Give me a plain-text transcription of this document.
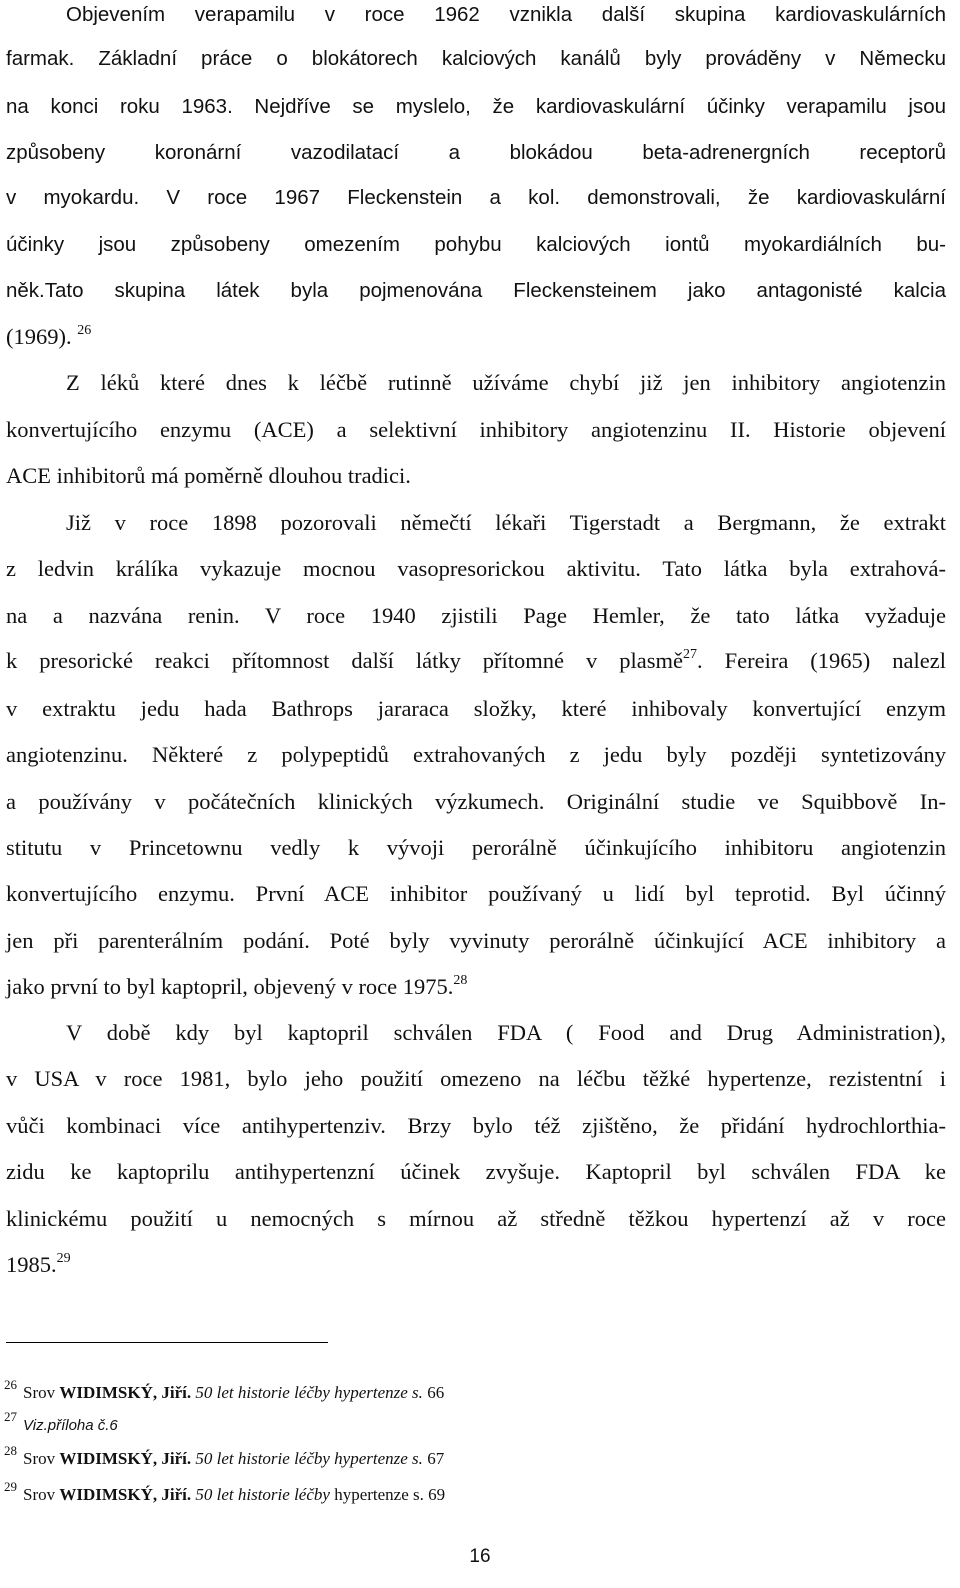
Objevením verapamilu v roce 1962 vznikla další skupina kardiovaskulárních
farmak. Základní práce o blokátorech kalciových kanálů byly prováděny v Německu
na konci roku 1963. Nejdříve se myslelo, že kardiovaskulární účinky verapamilu jsou
způsobeny koronární vazodilatací a blokádou beta-adrenergních receptorů
v myokardu. V roce 1967 Fleckenstein a kol. demonstrovali, že kardiovaskulární
účinky jsou způsobeny omezením pohybu kalciových iontů myokardiálních bu-
něk.Tato skupina látek byla pojmenována Fleckensteinem jako antagonisté kalcia
(1969). $^{26}$
Z léků které dnes k léčbě rutinně užíváme chybí již jen inhibitory angiotenzin
konvertujícího enzymu (ACE) a selektivní inhibitory angiotenzinu II. Historie objevení
ACE inhibitorů má poměrně dlouhou tradici.
Již v roce 1898 pozorovali němečtí lékaři Tigerstadt a Bergmann, že extrakt
z ledvin králíka vykazuje mocnou vasopresorickou aktivitu. Tato látka byla extrahová-
na a nazvána renin. V roce 1940 zjistili Page Hemler, že tato látka vyžaduje
k presorické reakci přítomnost další látky přítomné v plasmě$^{27}$. Fereira (1965) nalezl
v extraktu jedu hada Bathrops jararaca složky, které inhibovaly konvertující enzym
angiotenzinu. Některé z polypeptidů extrahovaných z jedu byly později syntetizovány
a používány v počátečních klinických výzkumech. Originální studie ve Squibbově In-
stitutu v Princetownu vedly k vývoji perorálně účinkujícího inhibitoru angiotenzin
konvertujícího enzymu. První ACE inhibitor používaný u lidí byl teprotid. Byl účinný
jen při parenterálním podání. Poté byly vyvinuty perorálně účinkující ACE inhibitory a
jako první to byl kaptopril, objevený v roce 1975.28
V době kdy byl kaptopril schválen FDA ( Food and Drug Administration),
v USA v roce 1981, bylo jeho použití omezeno na léčbu těžké hypertenze, rezistentní i
vůči kombinaci více antihypertenziv. Brzy bylo též zjištěno, že přidání hydrochlorthia-
zidu ke kaptoprilu antihypertenzní účinek zvyšuje. Kaptopril byl schválen FDA ke
klinickému použití u nemocných s mírnou až středně těžkou hypertenzí až v roce
1985.29
$^{26}$ Srov WIDIMSKÝ, Jiří. 50 let historie léčby hypertenze s. 66
$^{27}$Viz.příloha č.6
$^{28}$ Srov WIDIMSKÝ, Jiří. 50 let historie léčby hypertenze s. 67
$^{29}$ Srov WIDIMSKÝ, Jiří. 50 let historie léčby hypertenze s. 69
16
